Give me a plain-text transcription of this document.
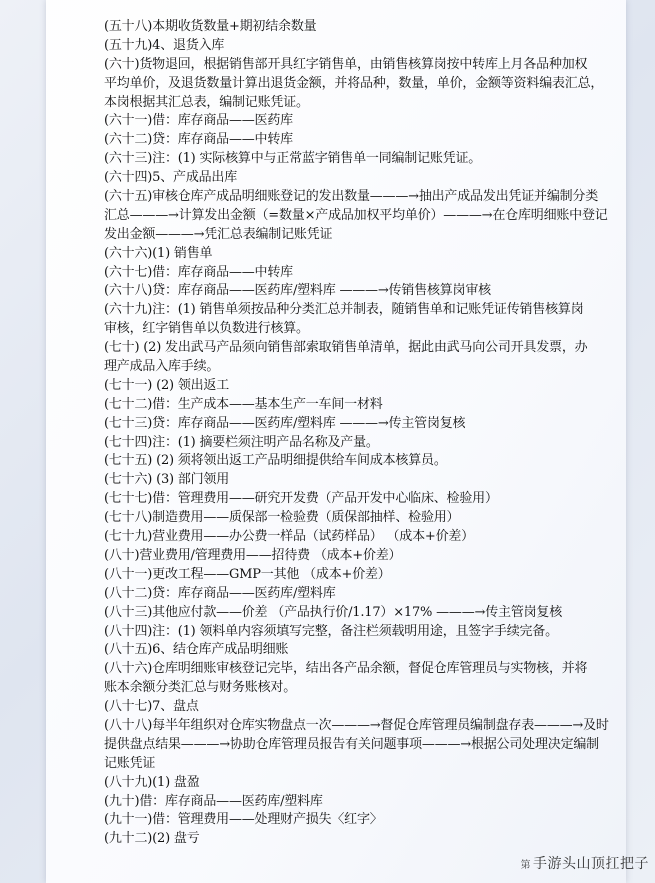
(五十八)本期收货数量+期初结余数量
(五十九)4、退货入库
(六十)货物退回，根据销售部开具红字销售单，由销售核算岗按中转库上月各品种加权
平均单价，及退货数量计算出退货金额，并将品种，数量，单价，金额等资料编表汇总，
本岗根据其汇总表，编制记账凭证。
(六十一)借：库存商品——医药库
(六十二)贷：库存商品——中转库
(六十三)注：(1) 实际核算中与正常蓝字销售单一同编制记账凭证。
(六十四)5、产成品出库
(六十五)审核仓库产成品明细账登记的发出数量———→抽出产成品发出凭证并编制分类
汇总———→计算发出金额（=数量×产成品加权平均单价）———→在仓库明细账中登记
发出金额———→凭汇总表编制记账凭证
(六十六)(1) 销售单
(六十七)借：库存商品——中转库
(六十八)贷：库存商品——医药库/塑料库 ———→传销售核算岗审核
(六十九)注：(1) 销售单须按品种分类汇总并制表，随销售单和记账凭证传销售核算岗
审核，红字销售单以负数进行核算。
(七十) (2) 发出武马产品须向销售部索取销售单清单，据此由武马向公司开具发票，办
理产成品入库手续。
(七十一) (2) 领出返工
(七十二)借：生产成本——基本生产一车间一材料
(七十三)贷：库存商品——医药库/塑料库 ———→传主管岗复核
(七十四)注：(1) 摘要栏须注明产品名称及产量。
(七十五) (2) 须将领出返工产品明细提供给车间成本核算员。
(七十六) (3) 部门领用
(七十七)借：管理费用——研究开发费（产品开发中心临床、检验用）
(七十八)制造费用——质保部一检验费（质保部抽样、检验用）
(七十九)营业费用——办公费一样品（试药样品） （成本+价差）
(八十)营业费用/管理费用——招待费 （成本+价差）
(八十一)更改工程——GMP一其他 （成本+价差）
(八十二)贷：库存商品——医药库/塑料库
(八十三)其他应付款——价差 （产品执行价/1.17）×17% ———→传主管岗复核
(八十四)注：(1) 领料单内容须填写完整，备注栏须载明用途，且签字手续完备。
(八十五)6、结仓库产成品明细账
(八十六)仓库明细账审核登记完毕，结出各产品余额，督促仓库管理员与实物核，并将
账本余额分类汇总与财务账核对。
(八十七)7、盘点
(八十八)每半年组织对仓库实物盘点一次———→督促仓库管理员编制盘存表———→及时
提供盘点结果———→协助仓库管理员报告有关问题事项———→根据公司处理决定编制
记账凭证
(八十九)(1) 盘盈
(九十)借：库存商品——医药库/塑料库
(九十一)借：管理费用——处理财产损失〈红字〉
(九十二)(2) 盘亏
第 手游头山顶扛把子
